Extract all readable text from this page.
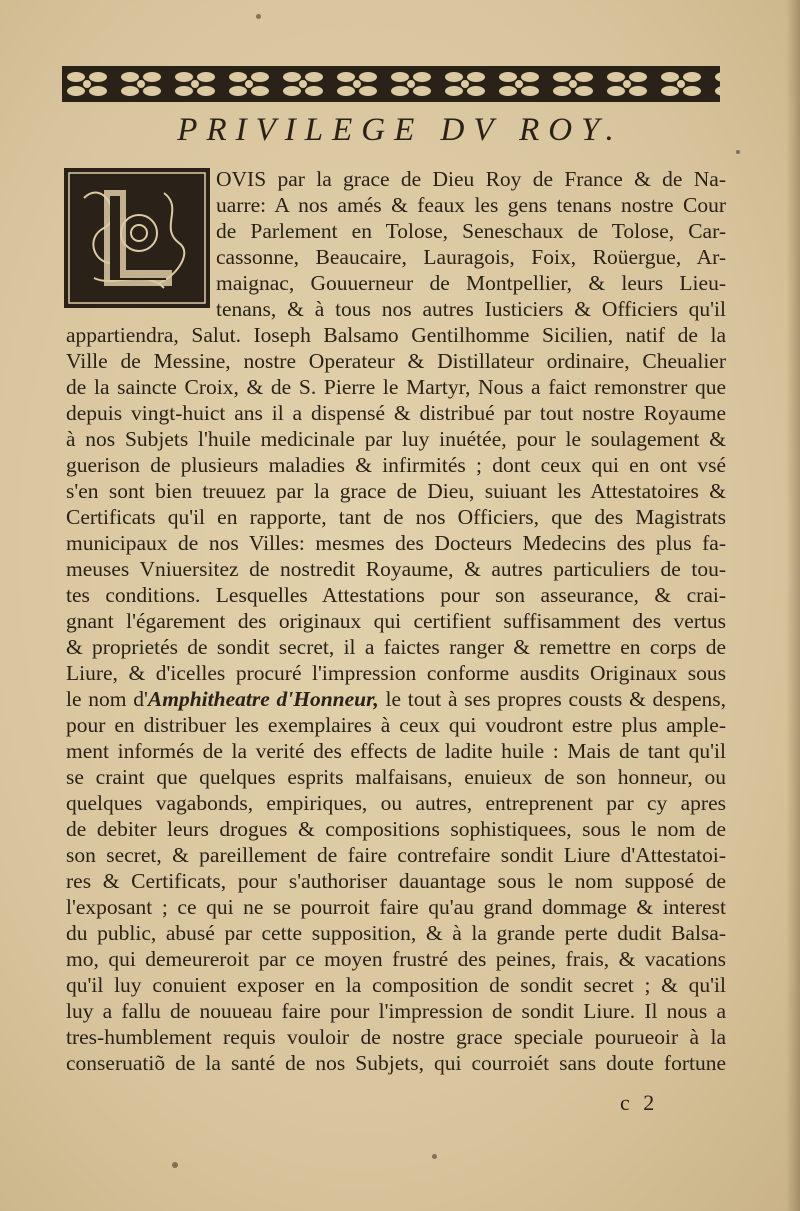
PRIVILEGE DV ROY.
OVIS par la grace de Dieu Roy de France & de Na-
uarre: A nos amés & feaux les gens tenans nostre Cour
de Parlement en Tolose, Seneschaux de Tolose, Car-
cassonne, Beaucaire, Lauragois, Foix, Roüergue, Ar-
maignac, Gouuerneur de Montpellier, & leurs Lieu-
tenans, & à tous nos autres Iusticiers & Officiers qu'il
appartiendra, Salut. Ioseph Balsamo Gentilhomme Sicilien, natif de la
Ville de Messine, nostre Operateur & Distillateur ordinaire, Cheualier
de la saincte Croix, & de S. Pierre le Martyr, Nous a faict remonstrer que
depuis vingt-huict ans il a dispensé & distribué par tout nostre Royaume
à nos Subjets l'huile medicinale par luy inuétée, pour le soulagement &
guerison de plusieurs maladies & infirmités ; dont ceux qui en ont vsé
s'en sont bien treuuez par la grace de Dieu, suiuant les Attestatoires &
Certificats qu'il en rapporte, tant de nos Officiers, que des Magistrats
municipaux de nos Villes: mesmes des Docteurs Medecins des plus fa-
meuses Vniuersitez de nostredit Royaume, & autres particuliers de tou-
tes conditions. Lesquelles Attestations pour son asseurance, & crai-
gnant l'égarement des originaux qui certifient suffisamment des vertus
& proprietés de sondit secret, il a faictes ranger & remettre en corps de
Liure, & d'icelles procuré l'impression conforme ausdits Originaux sous
le nom d'Amphitheatre d'Honneur, le tout à ses propres cousts & despens,
pour en distribuer les exemplaires à ceux qui voudront estre plus ample-
ment informés de la verité des effects de ladite huile : Mais de tant qu'il
se craint que quelques esprits malfaisans, enuieux de son honneur, ou
quelques vagabonds, empiriques, ou autres, entreprenent par cy apres
de debiter leurs drogues & compositions sophistiquees, sous le nom de
son secret, & pareillement de faire contrefaire sondit Liure d'Attestatoi-
res & Certificats, pour s'authoriser dauantage sous le nom supposé de
l'exposant ; ce qui ne se pourroit faire qu'au grand dommage & interest
du public, abusé par cette supposition, & à la grande perte dudit Balsa-
mo, qui demeureroit par ce moyen frustré des peines, frais, & vacations
qu'il luy conuient exposer en la composition de sondit secret ; & qu'il
luy a fallu de nouueau faire pour l'impression de sondit Liure. Il nous a
tres-humblement requis vouloir de nostre grace speciale pourueoir à la
conseruatiõ de la santé de nos Subjets, qui courroiét sans doute fortune
c 2
